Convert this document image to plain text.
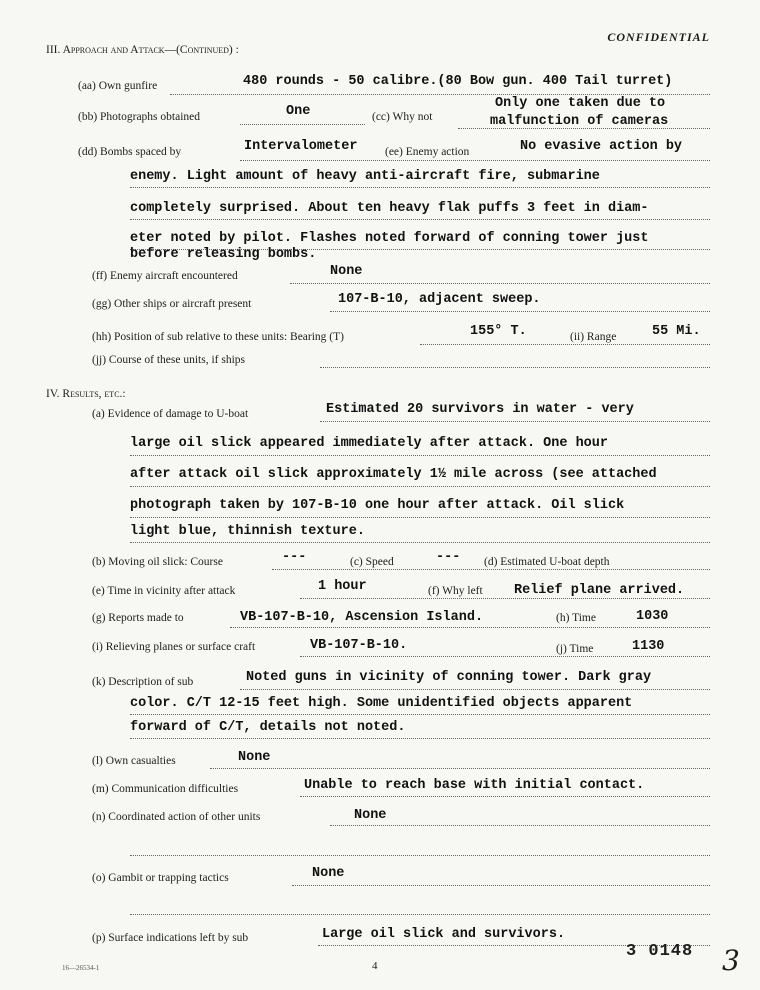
CONFIDENTIAL
III. Approach and Attack—(Continued) :
(aa) Own gunfire	480 rounds - 50 calibre.(80 Bow gun. 400 Tail turret)
(bb) Photographs obtained	One	(cc) Why not
Only one taken due to
malfunction of cameras
(dd) Bombs spaced by	Intervalometer (ee) Enemy action	No evasive action by
enemy. Light amount of heavy anti-aircraft fire, submarine
completely surprised. About ten heavy flak puffs 3 feet in diam-
eter noted by pilot. Flashes noted forward of conning tower just
before releasing bombs.
(ff) Enemy aircraft encountered	None
(gg) Other ships or aircraft present	107-B-10, adjacent sweep.
(hh) Position of sub relative to these units: Bearing (T)	155° T.	(ii) Range	55 Mi.
(jj) Course of these units, if ships
IV. Results, etc.:
(a) Evidence of damage to U-boat	Estimated 20 survivors in water - very
large oil slick appeared immediately after attack. One hour
after attack oil slick approximately 1½ mile across (see attached
photograph taken by 107-B-10 one hour after attack. Oil slick
light blue, thinnish texture.
(b) Moving oil slick: Course	---	(c) Speed	--- (d) Estimated U-boat depth
(e) Time in vicinity after attack	1 hour	(f) Why left Relief plane arrived.
(g) Reports made to	VB-107-B-10, Ascension Island.	(h) Time	1030
(i) Relieving planes or surface craft	VB-107-B-10.	(j) Time	1130
(k) Description of sub	Noted guns in vicinity of conning tower. Dark gray
color. C/T 12-15 feet high. Some unidentified objects apparent
forward of C/T, details not noted.
(l) Own casualties	None
(m) Communication difficulties	Unable to reach base with initial contact.
(n) Coordinated action of other units	None
(o) Gambit or trapping tactics	None
(p) Surface indications left by sub	Large oil slick and survivors.
16—26534-1	4
3 0148 3
